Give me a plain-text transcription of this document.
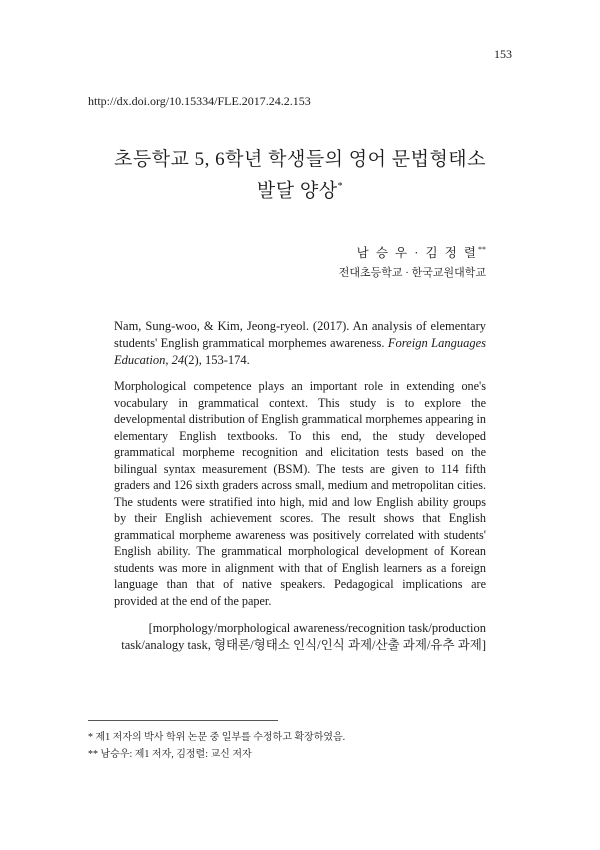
153
http://dx.doi.org/10.15334/FLE.2017.24.2.153
초등학교 5, 6학년 학생들의 영어 문법형태소
발달 양상*
남 승 우 · 김 정 렬**
전대초등학교 · 한국교원대학교
Nam, Sung-woo, & Kim, Jeong-ryeol. (2017). An analysis of elementary students' English grammatical morphemes awareness. Foreign Languages Education, 24(2), 153-174.
Morphological competence plays an important role in extending one's vocabulary in grammatical context. This study is to explore the developmental distribution of English grammatical morphemes appearing in elementary English textbooks. To this end, the study developed grammatical morpheme recognition and elicitation tests based on the bilingual syntax measurement (BSM). The tests are given to 114 fifth graders and 126 sixth graders across small, medium and metropolitan cities. The students were stratified into high, mid and low English ability groups by their English achievement scores. The result shows that English grammatical morpheme awareness was positively correlated with students' English ability. The grammatical morphological development of Korean students was more in alignment with that of English learners as a foreign language than that of native speakers. Pedagogical implications are provided at the end of the paper.
[morphology/morphological awareness/recognition task/production task/analogy task, 형태론/형태소 인식/인식 과제/산출 과제/유추 과제]
* 제1 저자의 박사 학위 논문 중 일부를 수정하고 확장하였음.
** 남승우: 제1 저자, 김정렬: 교신 저자
